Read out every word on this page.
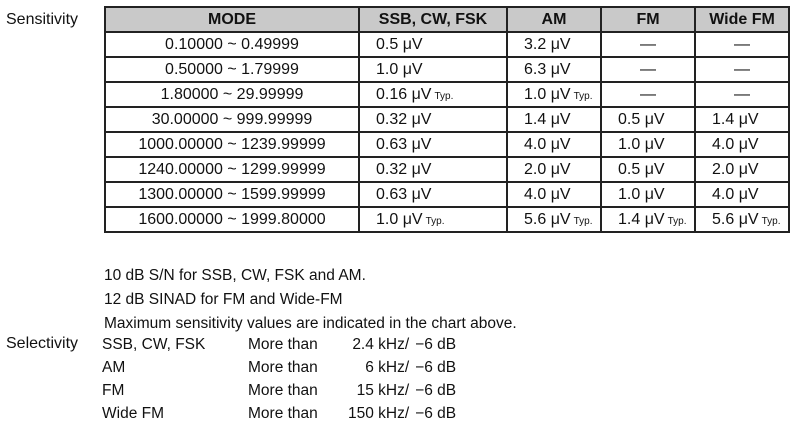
Sensitivity	MODE	SSB, CW, FSK	AM	FM	Wide FM
0.10000 ~ 0.49999	0.5 μV	3.2 μV	—	—
0.50000 ~ 1.79999	1.0 μV	6.3 μV	—	—
1.80000 ~ 29.99999	0.16 μV Typ.	1.0 μV Typ.	—	—
30.00000 ~ 999.99999	0.32 μV	1.4 μV	0.5 μV	1.4 μV
1000.00000 ~ 1239.99999	0.63 μV	4.0 μV	1.0 μV	4.0 μV
1240.00000 ~ 1299.99999	0.32 μV	2.0 μV	0.5 μV	2.0 μV
1300.00000 ~ 1599.99999	0.63 μV	4.0 μV	1.0 μV	4.0 μV
1600.00000 ~ 1999.80000	1.0 μV Typ.	5.6 μV Typ.	1.4 μV Typ.	5.6 μV Typ.
10 dB S/N for SSB, CW, FSK and AM.
12 dB SINAD for FM and Wide-FM
Maximum sensitivity values are indicated in the chart above.
Selectivity SSB, CW, FSK	More than	2.4 kHz/	−6 dB
AM	More than	6 kHz/	−6 dB
FM	More than	15 kHz/	−6 dB
Wide FM	More than	150 kHz/	−6 dB
